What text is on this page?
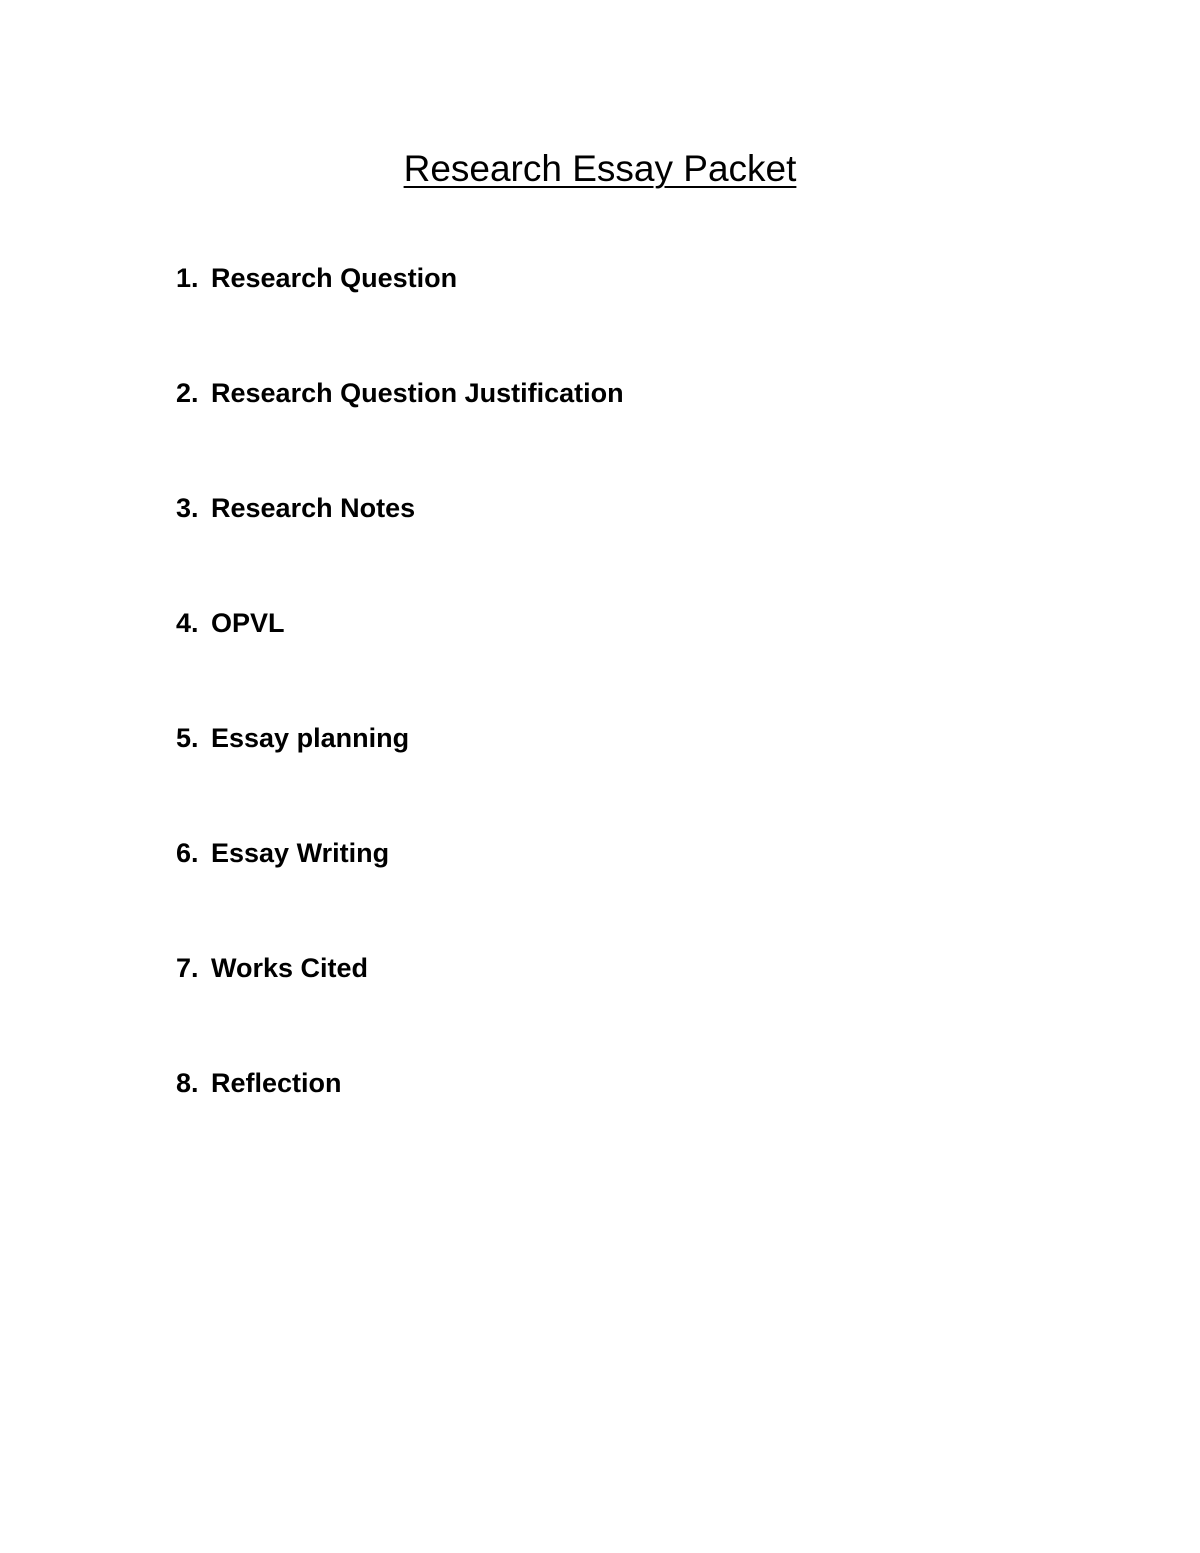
Research Essay Packet
1. Research Question
2. Research Question Justification
3. Research Notes
4. OPVL
5. Essay planning
6. Essay Writing
7. Works Cited
8. Reflection
